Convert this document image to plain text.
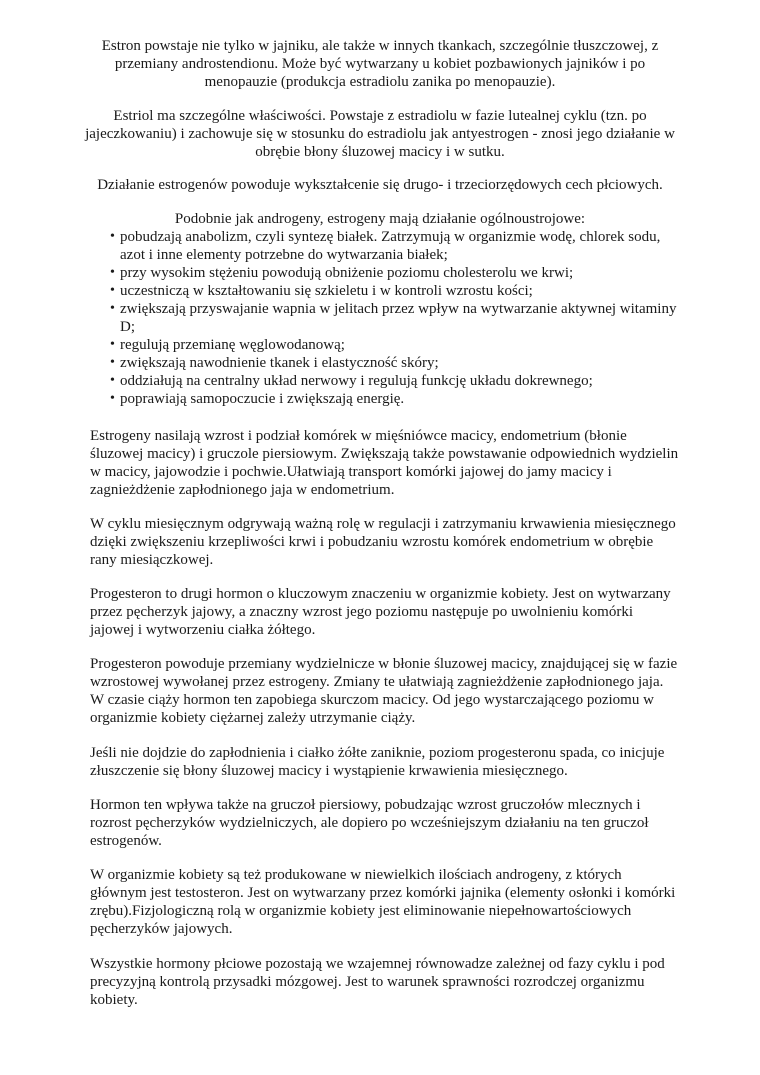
Estron powstaje nie tylko w jajniku, ale także w innych tkankach, szczególnie tłuszczowej, z przemiany androstendionu. Może być wytwarzany u kobiet pozbawionych jajników i po menopauzie (produkcja estradiolu zanika po menopauzie).

Estriol ma szczególne właściwości. Powstaje z estradiolu w fazie lutealnej cyklu (tzn. po jajeczkowaniu) i zachowuje się w stosunku do estradiolu jak antyestrogen - znosi jego działanie w obrębie błony śluzowej macicy i w sutku.

Działanie estrogenów powoduje wykształcenie się drugo- i trzeciorzędowych cech płciowych.

Podobnie jak androgeny, estrogeny mają działanie ogólnoustrojowe:

• pobudzają anabolizm, czyli syntezę białek. Zatrzymują w organizmie wodę, chlorek sodu, azot i inne elementy potrzebne do wytwarzania białek;
• przy wysokim stężeniu powodują obniżenie poziomu cholesterolu we krwi;
• uczestniczą w kształtowaniu się szkieletu i w kontroli wzrostu kości;
• zwiększają przyswajanie wapnia w jelitach przez wpływ na wytwarzanie aktywnej witaminy D;
• regulują przemianę węglowodanową;
• zwiększają nawodnienie tkanek i elastyczność skóry;
• oddziałują na centralny układ nerwowy i regulują funkcję układu dokrewnego;
• poprawiają samopoczucie i zwiększają energię.

Estrogeny nasilają wzrost i podział komórek w mięśniówce macicy, endometrium (błonie śluzowej macicy) i gruczole piersiowym. Zwiększają także powstawanie odpowiednich wydzielin w macicy, jajowodzie i pochwie.Ułatwiają transport komórki jajowej do jamy macicy i zagnieżdżenie zapłodnionego jaja w endometrium.

W cyklu miesięcznym odgrywają ważną rolę w regulacji i zatrzymaniu krwawienia miesięcznego dzięki zwiększeniu krzepliwości krwi i pobudzaniu wzrostu komórek endometrium w obrębie rany miesiączkowej.

Progesteron to drugi hormon o kluczowym znaczeniu w organizmie kobiety. Jest on wytwarzany przez pęcherzyk jajowy, a znaczny wzrost jego poziomu następuje po uwolnieniu komórki jajowej i wytworzeniu ciałka żółtego.

Progesteron powoduje przemiany wydzielnicze w błonie śluzowej macicy, znajdującej się w fazie wzrostowej wywołanej przez estrogeny. Zmiany te ułatwiają zagnieżdżenie zapłodnionego jaja. W czasie ciąży hormon ten zapobiega skurczom macicy. Od jego wystarczającego poziomu w organizmie kobiety ciężarnej zależy utrzymanie ciąży.

Jeśli nie dojdzie do zapłodnienia i ciałko żółte zaniknie, poziom progesteronu spada, co inicjuje złuszczenie się błony śluzowej macicy i wystąpienie krwawienia miesięcznego.

Hormon ten wpływa także na gruczoł piersiowy, pobudzając wzrost gruczołów mlecznych i rozrost pęcherzyków wydzielniczych, ale dopiero po wcześniejszym działaniu na ten gruczoł estrogenów.

W organizmie kobiety są też produkowane w niewielkich ilościach androgeny, z których głównym jest testosteron. Jest on wytwarzany przez komórki jajnika (elementy osłonki i komórki zrębu).Fizjologiczną rolą w organizmie kobiety jest eliminowanie niepełnowartościowych pęcherzyków jajowych.

Wszystkie hormony płciowe pozostają we wzajemnej równowadze zależnej od fazy cyklu i pod precyzyjną kontrolą przysadki mózgowej. Jest to warunek sprawności rozrodczej organizmu kobiety.
